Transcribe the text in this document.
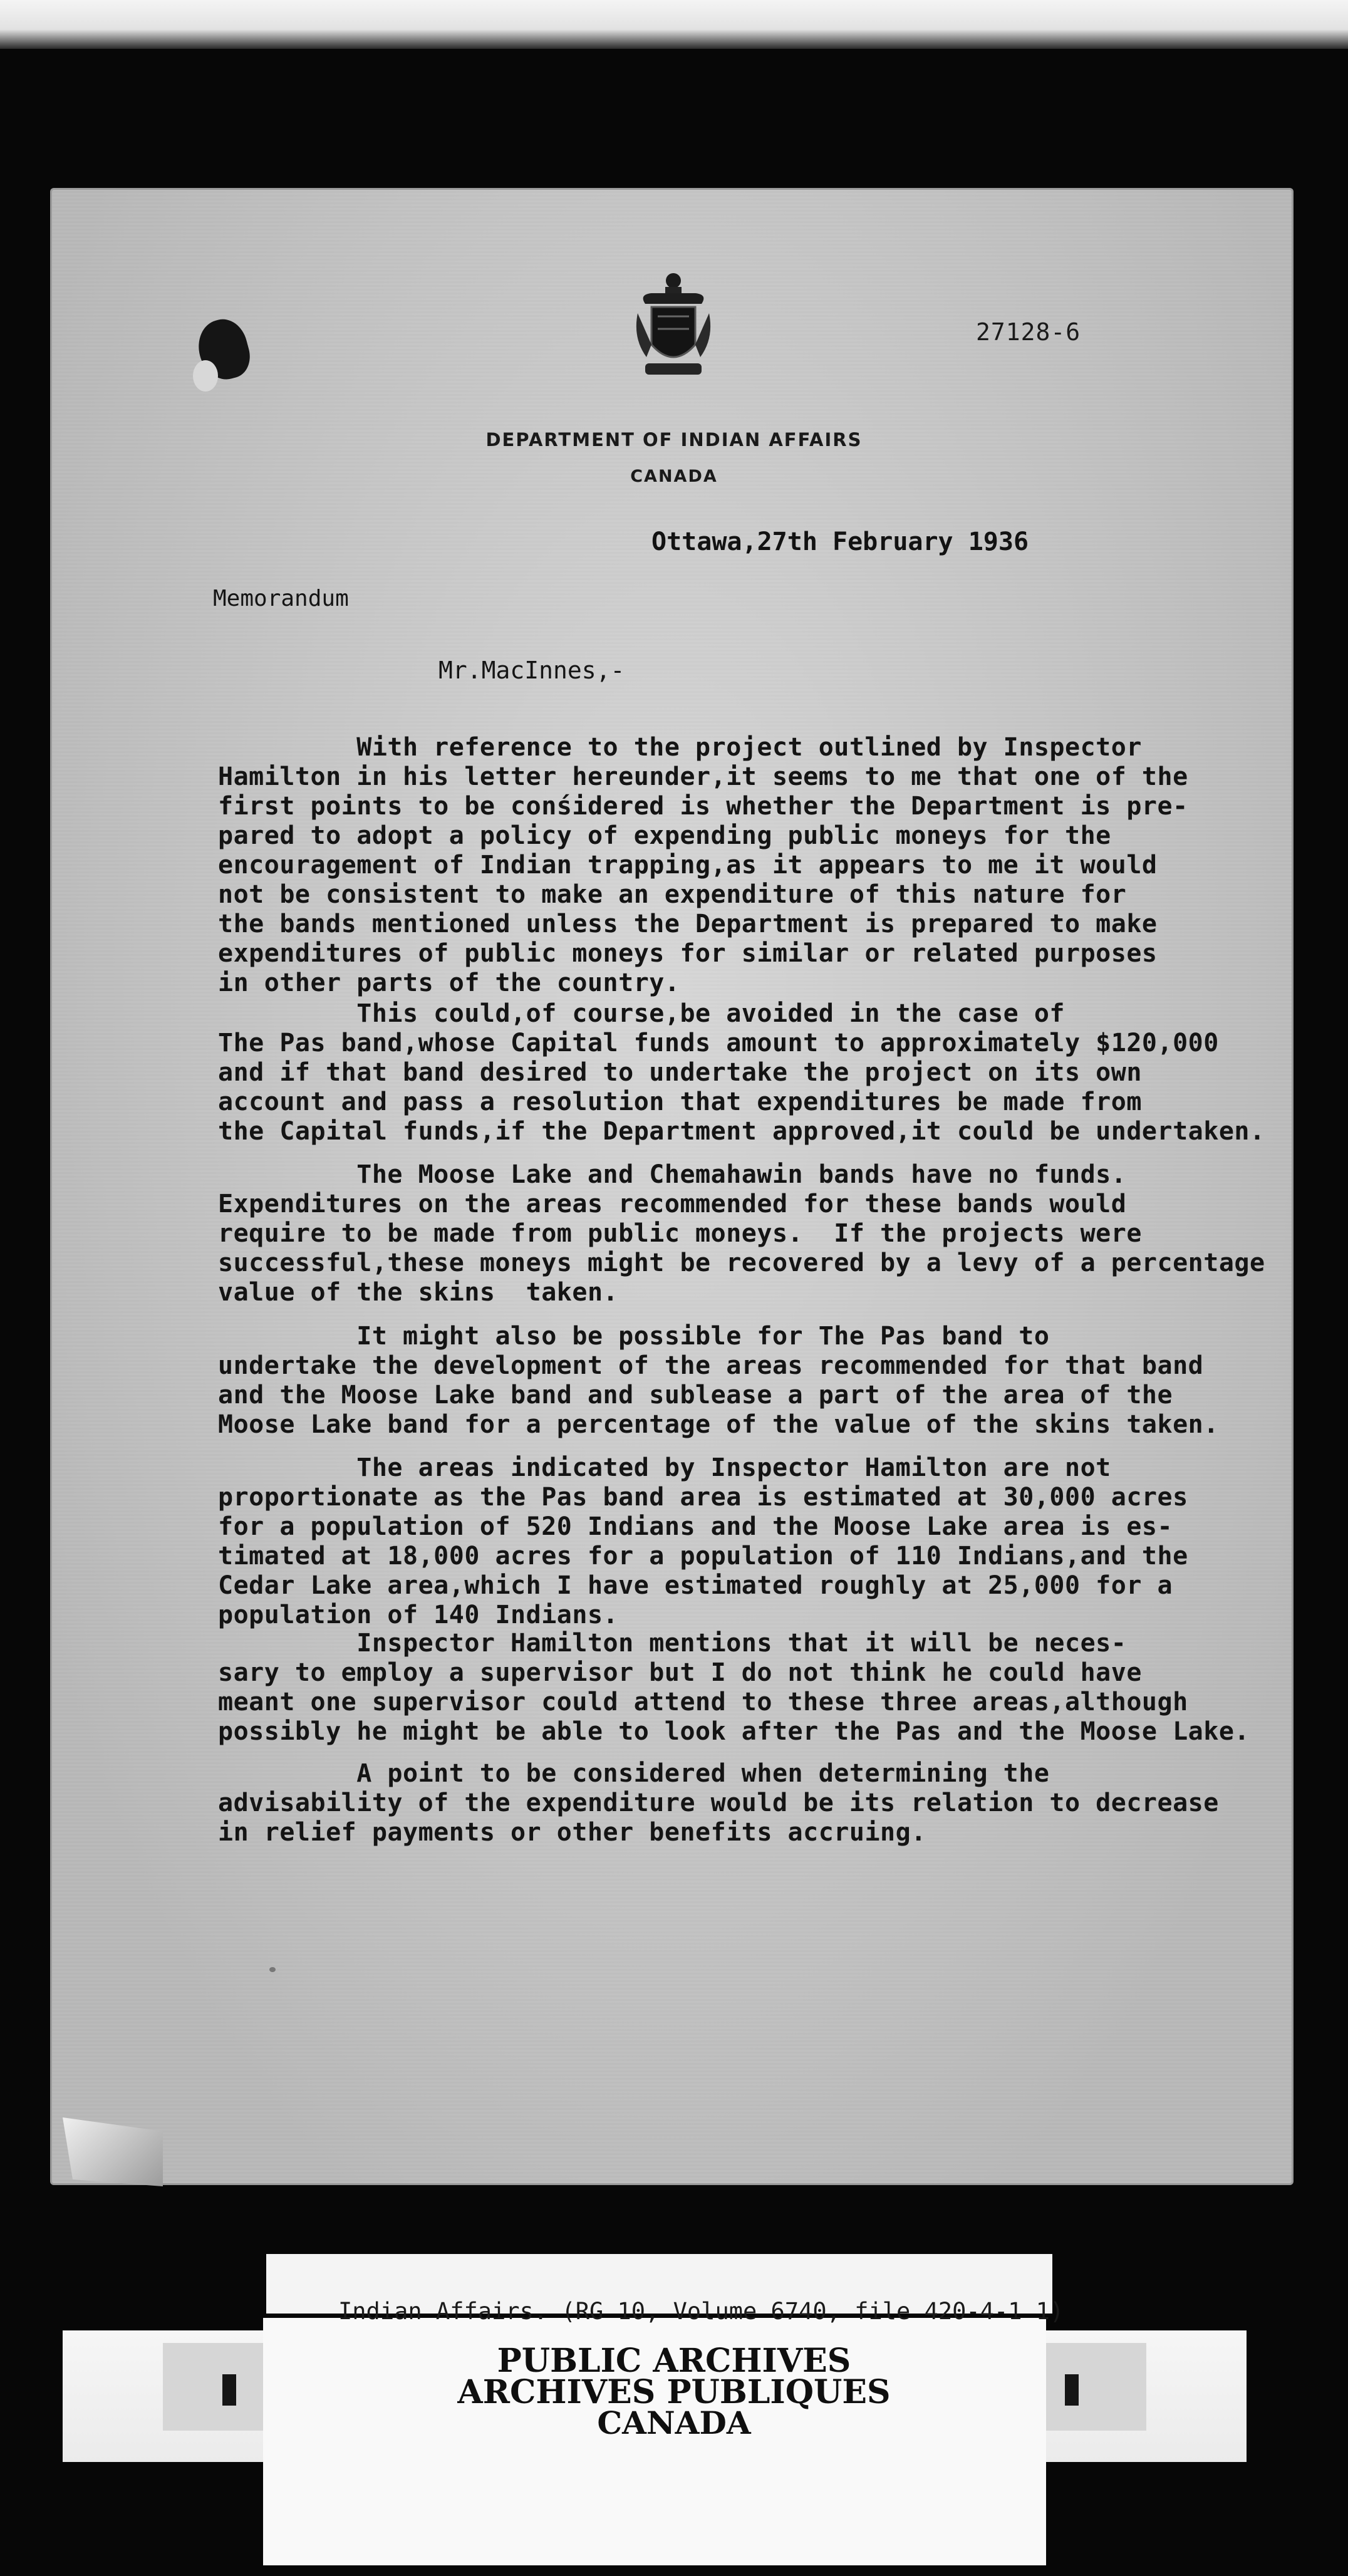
27128-6
DEPARTMENT OF INDIAN AFFAIRS
CANADA
Ottawa,27th February 1936
Memorandum
Mr.MacInnes,-

With reference to the project outlined by Inspector
Hamilton in his letter hereunder,it seems to me that one of the
first points to be conśidered is whether the Department is pre-
pared to adopt a policy of expending public moneys for the
encouragement of Indian trapping,as it appears to me it would
not be consistent to make an expenditure of this nature for
the bands mentioned unless the Department is prepared to make
expenditures of public moneys for similar or related purposes
in other parts of the country.

This could,of course,be avoided in the case of
The Pas band,whose Capital funds amount to approximately $120,000
and if that band desired to undertake the project on its own
account and pass a resolution that expenditures be made from
the Capital funds,if the Department approved,it could be undertaken.

The Moose Lake and Chemahawin bands have no funds.
Expenditures on the areas recommended for these bands would
require to be made from public moneys.  If the projects were
successful,these moneys might be recovered by a levy of a percentage
value of the skins  taken.

It might also be possible for The Pas band to
undertake the development of the areas recommended for that band
and the Moose Lake band and sublease a part of the area of the
Moose Lake band for a percentage of the value of the skins taken.

The areas indicated by Inspector Hamilton are not
proportionate as the Pas band area is estimated at 30,000 acres
for a population of 520 Indians and the Moose Lake area is es-
timated at 18,000 acres for a population of 110 Indians,and the
Cedar Lake area,which I have estimated roughly at 25,000 for a
population of 140 Indians.

Inspector Hamilton mentions that it will be neces-
sary to employ a supervisor but I do not think he could have
meant one supervisor could attend to these three areas,although
possibly he might be able to look after the Pas and the Moose Lake.

A point to be considered when determining the
advisability of the expenditure would be its relation to decrease
in relief payments or other benefits accruing.

Indian Affairs. (RG 10, Volume 6740, file 420-4-1 1)
PUBLIC ARCHIVES
ARCHIVES PUBLIQUES
CANADA
